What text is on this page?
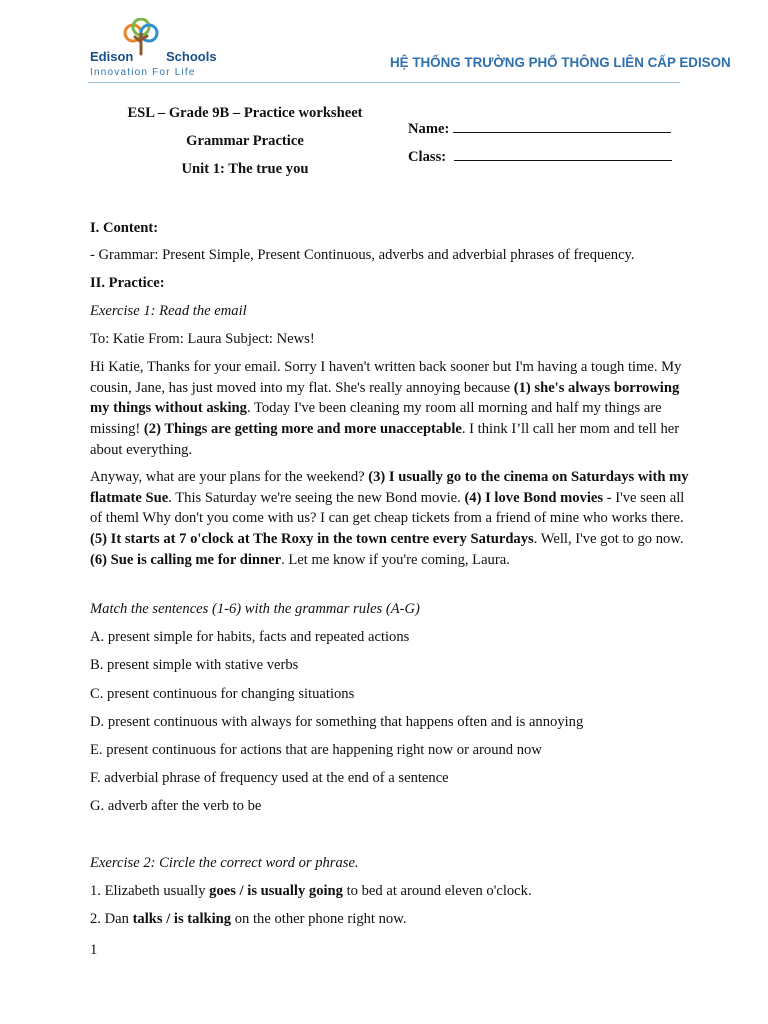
Edison	Schools
Innovation For Life
HỆ THỐNG TRƯỜNG PHỔ THÔNG LIÊN CẤP EDISON
ESL – Grade 9B – Practice worksheet
Grammar Practice
Unit 1: The true you
Name:
Class:
I. Content:
- Grammar: Present Simple, Present Continuous, adverbs and adverbial phrases of frequency.
II. Practice:
Exercise 1: Read the email
To: Katie From: Laura Subject: News!

Hi Katie, Thanks for your email. Sorry I haven't written back sooner but I'm having a tough time. My cousin, Jane, has just moved into my flat. She's really annoying because (1) she's always borrowing my things without asking. Today I've been cleaning my room all morning and half my things are missing! (2) Things are getting more and more unacceptable. I think I’ll call her mom and tell her about everything.

Anyway, what are your plans for the weekend? (3) I usually go to the cinema on Saturdays with my flatmate Sue. This Saturday we're seeing the new Bond movie. (4) I love Bond movies - I've seen all of theml Why don't you come with us? I can get cheap tickets from a friend of mine who works there. (5) It starts at 7 o'clock at The Roxy in the town centre every Saturdays. Well, I've got to go now. (6) Sue is calling me for dinner. Let me know if you're coming, Laura.

Match the sentences (1-6) with the grammar rules (A-G)
A. present simple for habits, facts and repeated actions
B. present simple with stative verbs
C. present continuous for changing situations
D. present continuous with always for something that happens often and is annoying
E. present continuous for actions that are happening right now or around now
F. adverbial phrase of frequency used at the end of a sentence
G. adverb after the verb to be
Exercise 2: Circle the correct word or phrase.
1. Elizabeth usually goes / is usually going to bed at around eleven o'clock.
2. Dan talks / is talking on the other phone right now.
1
